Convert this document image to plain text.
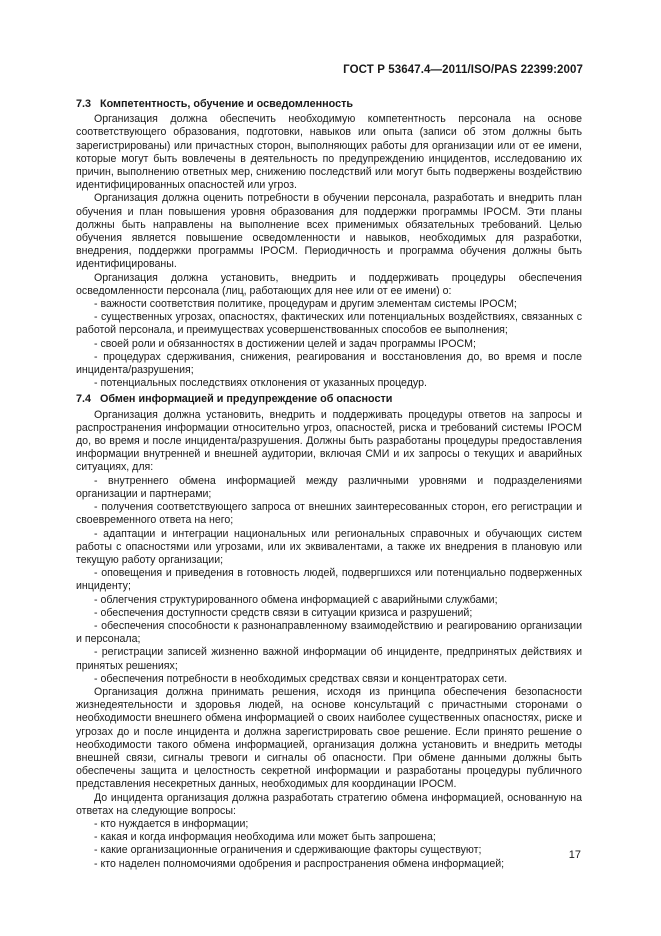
ГОСТ Р 53647.4—2011/ISO/PAS 22399:2007
7.3 Компетентность, обучение и осведомленность

Организация должна обеспечить необходимую компетентность персонала на основе соответствующего образования, подготовки, навыков или опыта (записи об этом должны быть зарегистрированы) или причастных сторон, выполняющих работы для организации или от ее имени, которые могут быть вовлечены в деятельность по предупреждению инцидентов, исследованию их причин, выполнению ответных мер, снижению последствий или могут быть подвержены воздействию идентифицированных опасностей или угроз.

Организация должна оценить потребности в обучении персонала, разработать и внедрить план обучения и план повышения уровня образования для поддержки программы IPOCM. Эти планы должны быть направлены на выполнение всех применимых обязательных требований. Целью обучения является повышение осведомленности и навыков, необходимых для разработки, внедрения, поддержки программы IPOCM. Периодичность и программа обучения должны быть идентифицированы.

Организация должна установить, внедрить и поддерживать процедуры обеспечения осведомленности персонала (лиц, работающих для нее или от ее имени) о:

- важности соответствия политике, процедурам и другим элементам системы IPOCM;

- существенных угрозах, опасностях, фактических или потенциальных воздействиях, связанных с работой персонала, и преимуществах усовершенствованных способов ее выполнения;

- своей роли и обязанностях в достижении целей и задач программы IPOCM;

- процедурах сдерживания, снижения, реагирования и восстановления до, во время и после инцидента/разрушения;

- потенциальных последствиях отклонения от указанных процедур.

7.4 Обмен информацией и предупреждение об опасности

Организация должна установить, внедрить и поддерживать процедуры ответов на запросы и распространения информации относительно угроз, опасностей, риска и требований системы IPOCM до, во время и после инцидента/разрушения. Должны быть разработаны процедуры предоставления информации внутренней и внешней аудитории, включая СМИ и их запросы о текущих и аварийных ситуациях, для:

- внутреннего обмена информацией между различными уровнями и подразделениями организации и партнерами;

- получения соответствующего запроса от внешних заинтересованных сторон, его регистрации и своевременного ответа на него;

- адаптации и интеграции национальных или региональных справочных и обучающих систем работы с опасностями или угрозами, или их эквивалентами, а также их внедрения в плановую или текущую работу организации;

- оповещения и приведения в готовность людей, подвергшихся или потенциально подверженных инциденту;

- облегчения структурированного обмена информацией с аварийными службами;

- обеспечения доступности средств связи в ситуации кризиса и разрушений;

- обеспечения способности к разнонаправленному взаимодействию и реагированию организации и персонала;

- регистрации записей жизненно важной информации об инциденте, предпринятых действиях и принятых решениях;

- обеспечения потребности в необходимых средствах связи и концентраторах сети.

Организация должна принимать решения, исходя из принципа обеспечения безопасности жизнедеятельности и здоровья людей, на основе консультаций с причастными сторонами о необходимости внешнего обмена информацией о своих наиболее существенных опасностях, риске и угрозах до и после инцидента и должна зарегистрировать свое решение. Если принято решение о необходимости такого обмена информацией, организация должна установить и внедрить методы внешней связи, сигналы тревоги и сигналы об опасности. При обмене данными должны быть обеспечены защита и целостность секретной информации и разработаны процедуры публичного представления несекретных данных, необходимых для координации IPOCM.

До инцидента организация должна разработать стратегию обмена информацией, основанную на ответах на следующие вопросы:

- кто нуждается в информации;

- какая и когда информация необходима или может быть запрошена;

- какие организационные ограничения и сдерживающие факторы существуют;

- кто наделен полномочиями одобрения и распространения обмена информацией;

17
